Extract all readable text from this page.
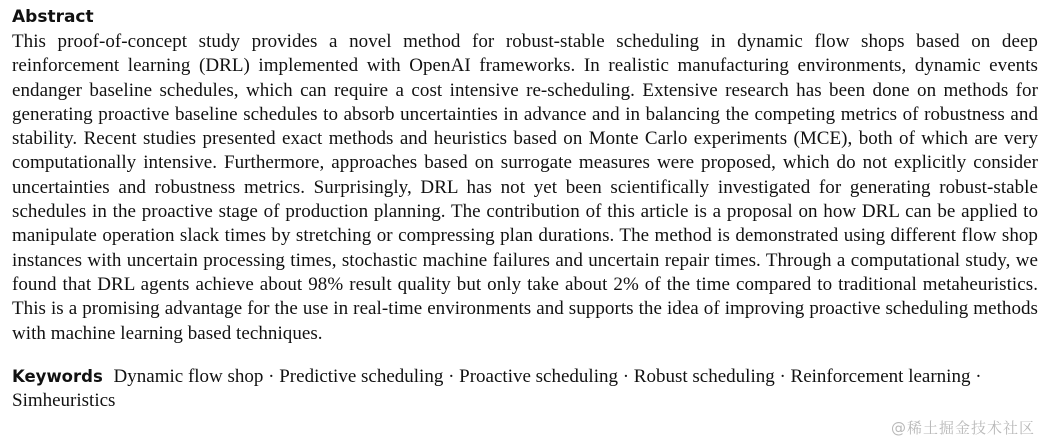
Abstract

This proof-of-concept study provides a novel method for robust-stable scheduling in dynamic flow shops based on deep reinforcement learning (DRL) implemented with OpenAI frameworks. In realistic manufacturing environments, dynamic events endanger baseline schedules, which can require a cost intensive re-scheduling. Extensive research has been done on methods for generating proactive baseline schedules to absorb uncertainties in advance and in balancing the competing metrics of robustness and stability. Recent studies presented exact methods and heuristics based on Monte Carlo experiments (MCE), both of which are very computationally intensive. Furthermore, approaches based on surrogate measures were proposed, which do not explicitly consider uncertainties and robustness metrics. Surprisingly, DRL has not yet been scientifically investigated for generating robust-stable schedules in the proactive stage of production planning. The contribution of this article is a proposal on how DRL can be applied to manipulate operation slack times by stretching or compressing plan durations. The method is demonstrated using different flow shop instances with uncertain processing times, stochastic machine failures and uncertain repair times. Through a computational study, we found that DRL agents achieve about 98% result quality but only take about 2% of the time compared to traditional metaheuristics. This is a promising advantage for the use in real-time environments and supports the idea of improving proactive scheduling methods with machine learning based techniques.

Keywords Dynamic flow shop · Predictive scheduling · Proactive scheduling · Robust scheduling · Reinforcement learning · Simheuristics
@稀土掘金技术社区
